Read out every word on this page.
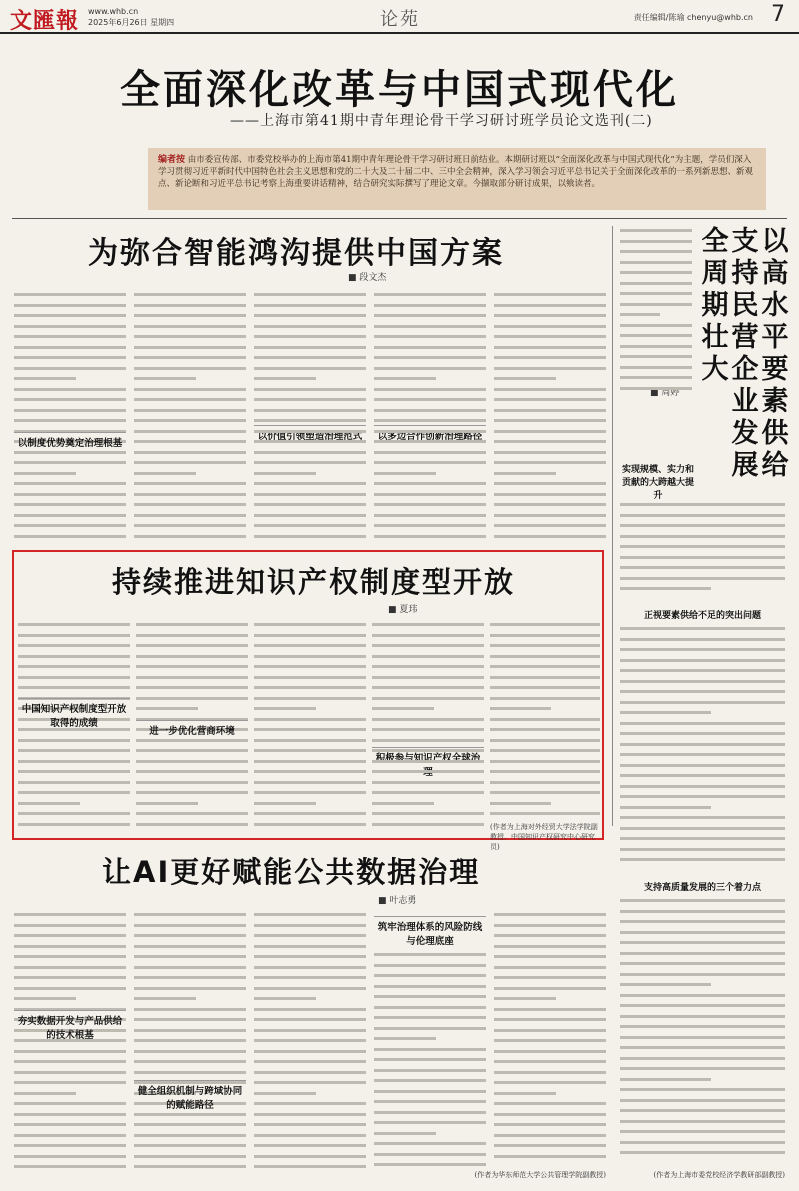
文匯報 www.whb.cn
2025年6月26日 星期四	论苑	责任编辑/陈瑜 chenyu@whb.cn 7
全面深化改革与中国式现代化
——上海市第41期中青年理论骨干学习研讨班学员论文选刊(二)

编者按 由市委宣传部、市委党校举办的上海市第41期中青年理论骨干学习研讨班日前结业。本期研讨班以“全面深化改革与中国式现代化”为主题，学员们深入学习贯彻习近平新时代中国特色社会主义思想和党的二十大及二十届二中、三中全会精神，深入学习领会习近平总书记关于全面深化改革的一系列新思想、新观点、新论断和习近平总书记考察上海重要讲话精神，结合研究实际撰写了理论文章。今撷取部分研讨成果，以飨读者。

为弥合智能鸿沟提供中国方案
■ 段文杰
以制度优势奠定治理根基
以价值引领塑造治理范式	以多边合作创新治理路径
以高水平
要素供给
支持民营
企业发展
全周期
壮大
■ 周婷
实现规模、实力和贡献的大跨越大提升
正视要素供给不足的突出问题
支持高质量发展的三个着力点
(作者为上海市委党校经济学教研部副教授)
持续推进知识产权制度型开放
■ 夏玮
中国知识产权制度型开放取得的成绩
进一步优化营商环境
积极参与知识产权全球治理
(作者为上海对外经贸大学法学院副教授、中国知识产权研究中心研究员)
让AI更好赋能公共数据治理
■ 叶志勇
夯实数据开发与产品供给的技术根基
健全组织机制与跨域协同的赋能路径
筑牢治理体系的风险防线与伦理底座
(作者为华东师范大学公共管理学院副教授)
